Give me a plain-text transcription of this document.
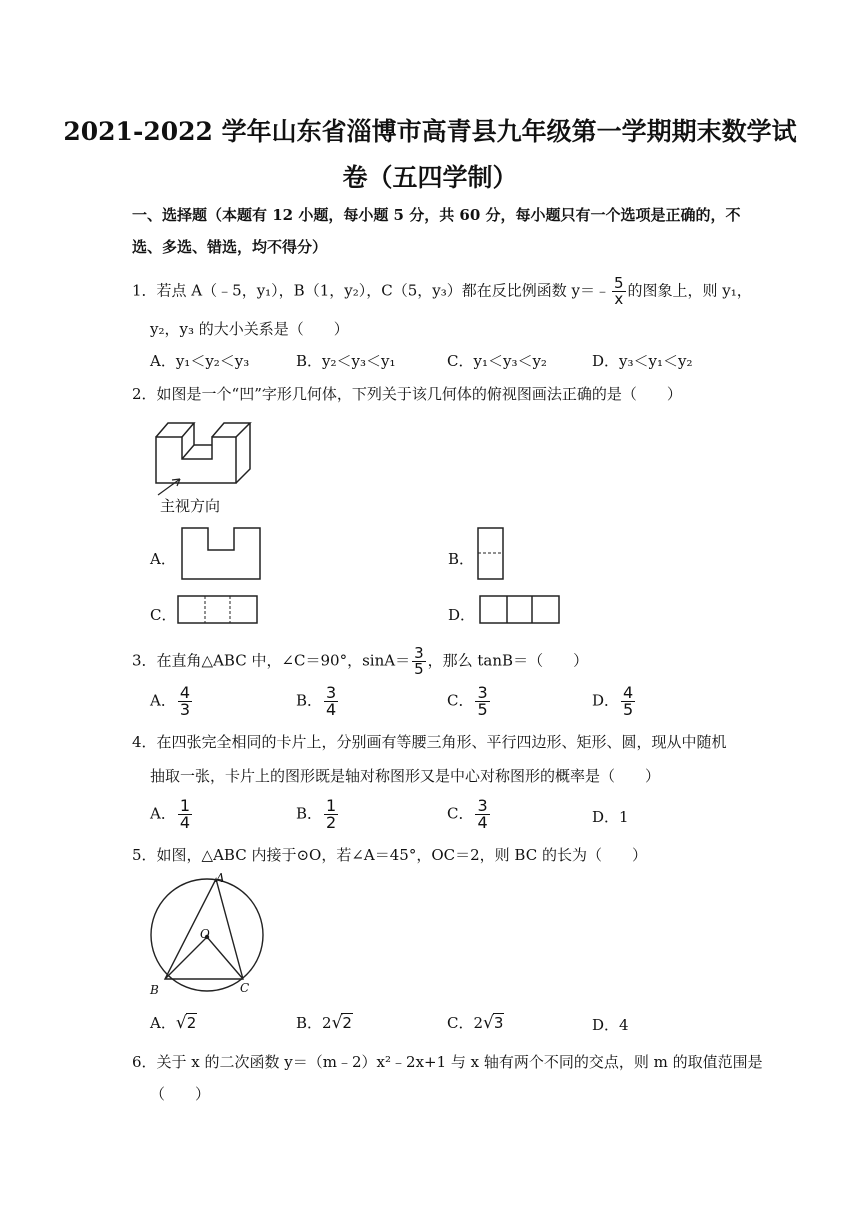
2021-2022 学年山东省淄博市高青县九年级第一学期期末数学试
卷（五四学制）
一、选择题（本题有 12 小题，每小题 5 分，共 60 分，每小题只有一个选项是正确的，不
选、多选、错选，均不得分）
1．若点 A（﹣5，y₁），B（1，y₂），C（5，y₃）都在反比例函数 y＝﹣ $\frac{5}{x}$ 的图象上，则 y₁，
y₂，y₃ 的大小关系是（　　）
A．y₁＜y₂＜y₃	B．y₂＜y₃＜y₁	C．y₁＜y₃＜y₂	D．y₃＜y₁＜y₂
2．如图是一个“凹”字形几何体，下列关于该几何体的俯视图画法正确的是（　　）
主视方向
A．	B．
C．	D．
3．在直角△ABC 中，∠C＝90°，$\sin A= \frac{3}{5}$ ，那么 tanB＝（　　）
A． $\frac{4}{3}$	B． $\frac{3}{4}$	C． $\frac{3}{5}$	D． $\frac{4}{5}$
4．在四张完全相同的卡片上，分别画有等腰三角形、平行四边形、矩形、圆，现从中随机
抽取一张，卡片上的图形既是轴对称图形又是中心对称图形的概率是（　　）
A． $\frac{1}{4}$	B． $\frac{1}{2}$	C． $\frac{3}{4}$	D．1
5．如图，△ABC 内接于⊙O，若∠A＝45°，OC＝2，则 BC 的长为（　　）
A
O
B	C
A．√2	B．2√2	C．2√3	D．4
6．关于 x 的二次函数 y＝（m﹣2）x²﹣2x+1 与 x 轴有两个不同的交点，则 m 的取值范围是
（　　）
